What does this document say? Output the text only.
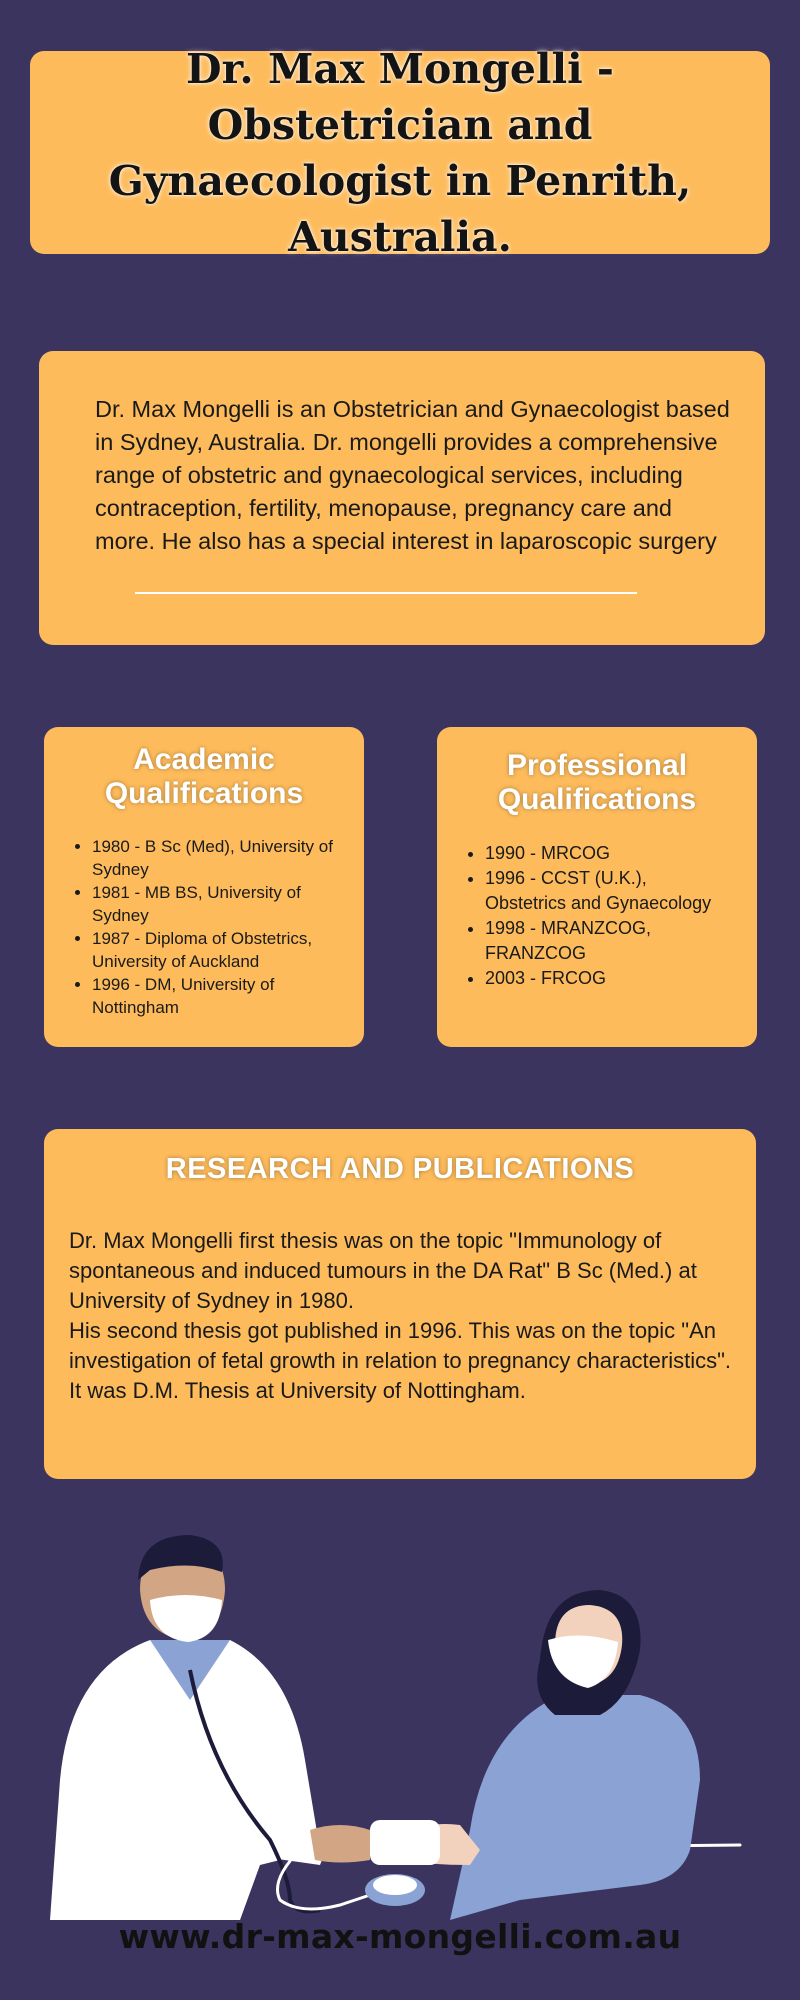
Dr. Max Mongelli - Obstetrician and Gynaecologist in Penrith, Australia.

Dr. Max Mongelli is an Obstetrician and Gynaecologist based in Sydney, Australia. Dr. mongelli provides a comprehensive range of obstetric and gynaecological services, including contraception, fertility, menopause, pregnancy care and more. He also has a special interest in laparoscopic surgery

Academic Qualifications
• 1980 - B Sc (Med), University of Sydney
• 1981 - MB BS, University of Sydney
• 1987 - Diploma of Obstetrics, University of Auckland
• 1996 - DM, University of Nottingham
Professional Qualifications
• 1990 - MRCOG
• 1996 - CCST (U.K.), Obstetrics and Gynaecology
• 1998 - MRANZCOG, FRANZCOG
• 2003 - FRCOG
RESEARCH AND PUBLICATIONS

Dr. Max Mongelli first thesis was on the topic "Immunology of spontaneous and induced tumours in the DA Rat" B Sc (Med.) at University of Sydney in 1980.

His second thesis got published in 1996. This was on the topic "An investigation of fetal growth in relation to pregnancy characteristics". It was D.M. Thesis at University of Nottingham.

www.dr-max-mongelli.com.au
